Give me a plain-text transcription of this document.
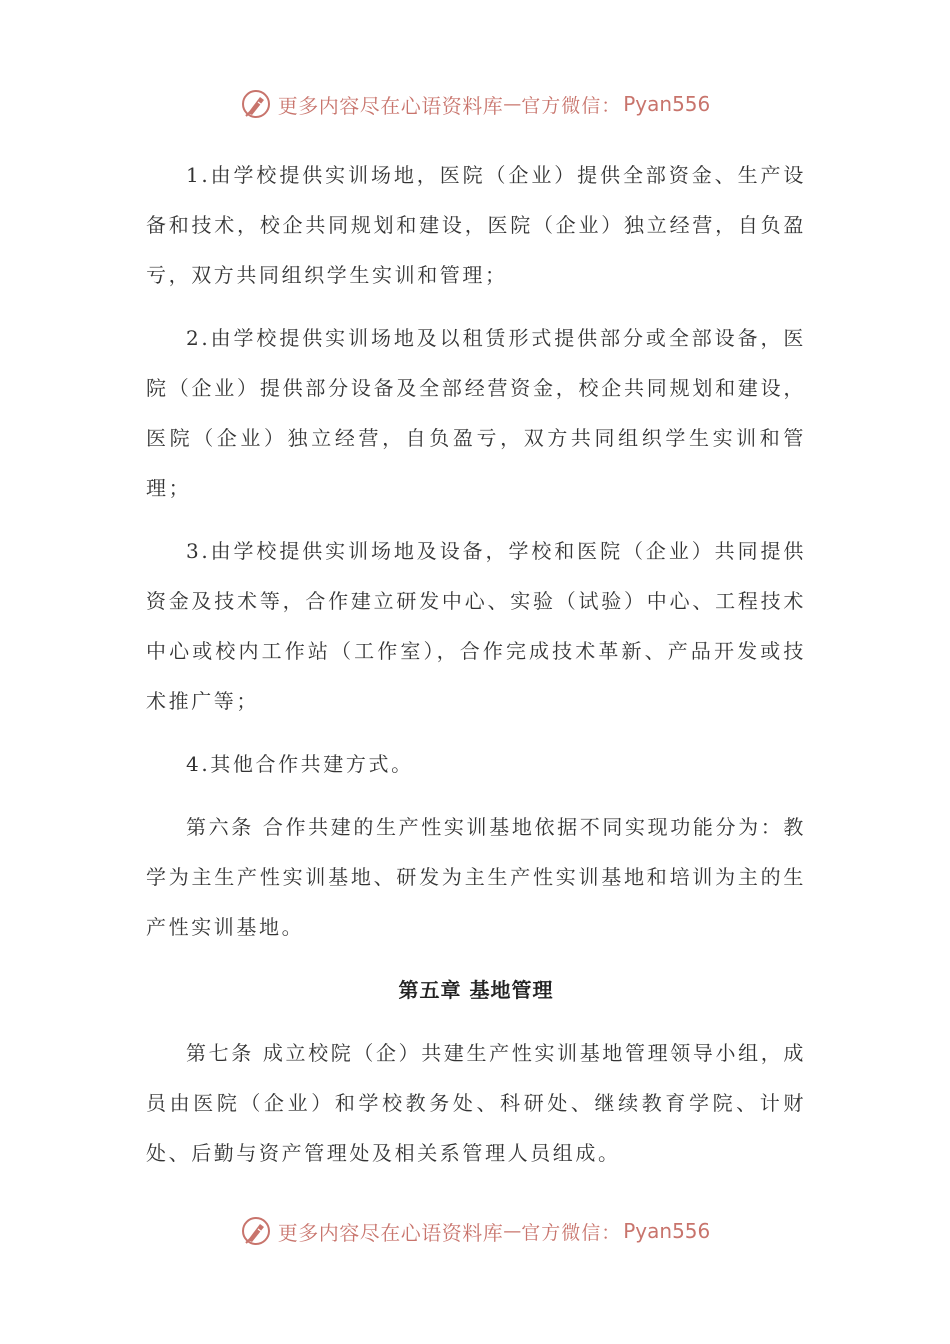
更多内容尽在心语资料库 — 官方微信： Pyan556

1.由学校提供实训场地，医院（企业）提供全部资金、生产设备和技术，校企共同规划和建设，医院（企业）独立经营，自负盈亏，双方共同组织学生实训和管理；

2.由学校提供实训场地及以租赁形式提供部分或全部设备，医院（企业）提供部分设备及全部经营资金，校企共同规划和建设，医院（企业）独立经营，自负盈亏，双方共同组织学生实训和管理；

3.由学校提供实训场地及设备，学校和医院（企业）共同提供资金及技术等，合作建立研发中心、实验（试验）中心、工程技术中心或校内工作站（工作室），合作完成技术革新、产品开发或技术推广等；

4.其他合作共建方式。

第六条 合作共建的生产性实训基地依据不同实现功能分为：教学为主生产性实训基地、研发为主生产性实训基地和培训为主的生产性实训基地。

第五章 基地管理

第七条 成立校院（企）共建生产性实训基地管理领导小组，成员由医院（企业）和学校教务处、科研处、继续教育学院、计财处、后勤与资产管理处及相关系管理人员组成。

更多内容尽在心语资料库 — 官方微信： Pyan556
